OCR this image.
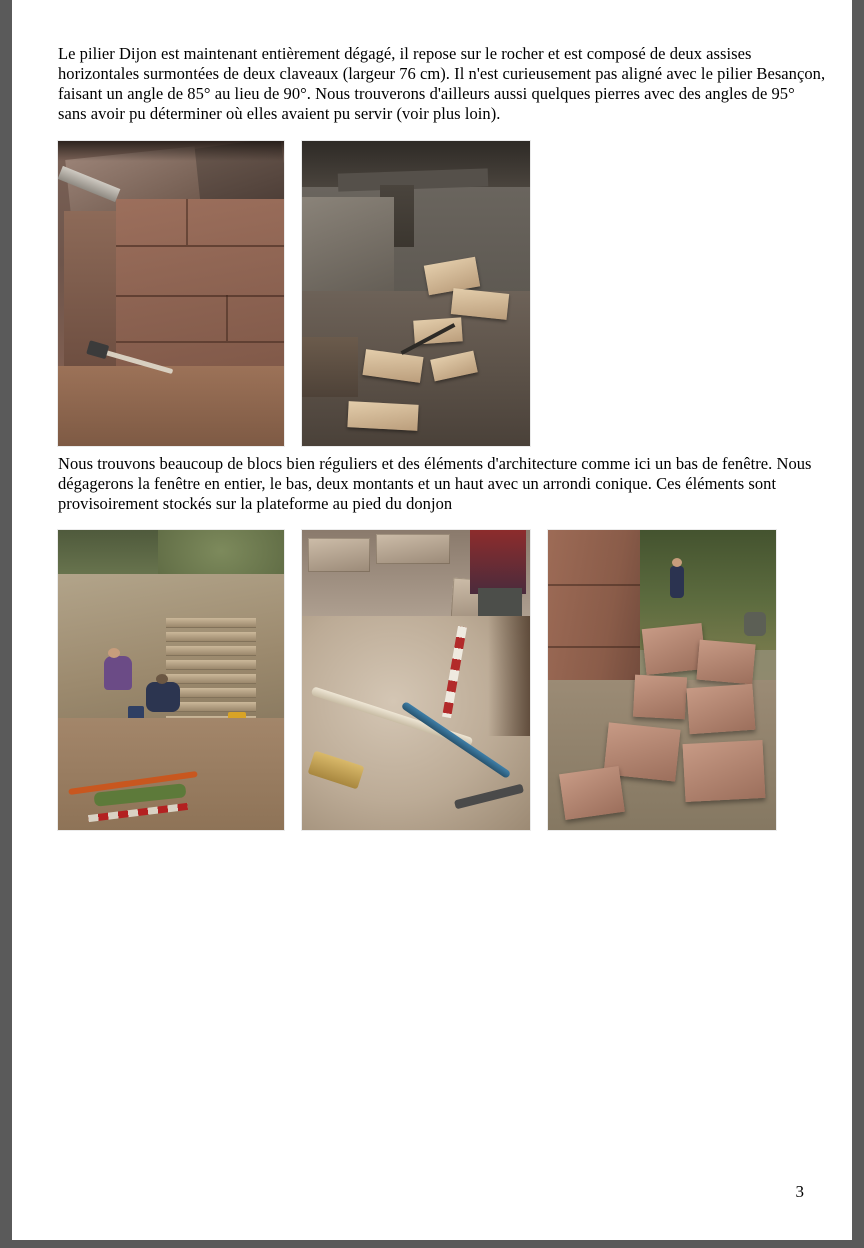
Le pilier Dijon est maintenant entièrement dégagé, il repose sur le rocher et est composé de deux assises horizontales surmontées de deux claveaux (largeur 76 cm). Il n'est curieusement pas aligné avec le pilier Besançon, faisant un angle de 85° au lieu de 90°. Nous trouverons d'ailleurs aussi quelques pierres avec des angles de 95° sans avoir pu déterminer où elles avaient pu servir (voir plus loin).

Nous trouvons beaucoup de blocs bien réguliers et des éléments d'architecture comme ici un bas de fenêtre. Nous dégagerons la fenêtre en entier, le bas, deux montants et un haut avec un arrondi conique. Ces éléments sont provisoirement stockés sur la plateforme au pied du donjon

3
